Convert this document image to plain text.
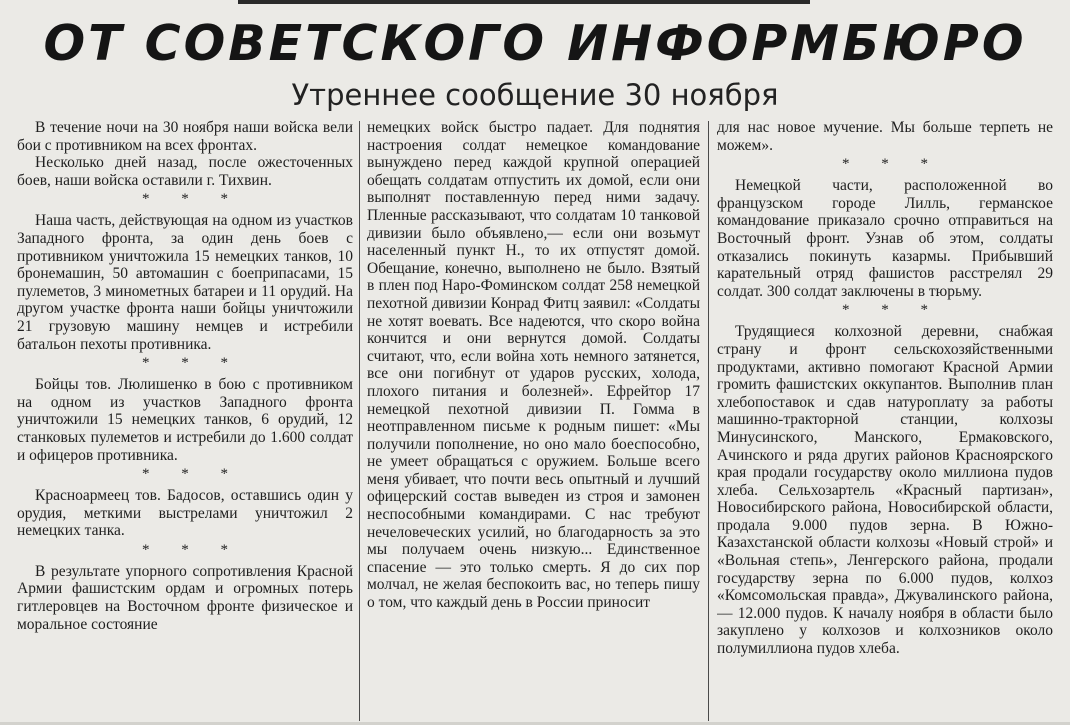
ОТ СОВЕТСКОГО ИНФОРМБЮРО
Утреннее сообщение 30 ноября

В течение ночи на 30 ноября наши войска вели бои с противником на всех фронтах.

Несколько дней назад, после ожесточенных боев, наши войска оставили г. Тихвин.

* * *

Наша часть, действующая на одном из участков Западного фронта, за один день боев с противником уничтожила 15 немецких танков, 10 бронемашин, 50 автомашин с боеприпасами, 15 пулеметов, 3 минометных батареи и 11 орудий. На другом участке фронта наши бойцы уничтожили 21 грузовую машину немцев и истребили батальон пехоты противника.

* * *

Бойцы тов. Люлишенко в бою с противником на одном из участков Западного фронта уничтожили 15 немецких танков, 6 орудий, 12 станковых пулеметов и истребили до 1.600 солдат и офицеров противника.

* * *

Красноармеец тов. Бадосов, оставшись один у орудия, меткими выстрелами уничтожил 2 немецких танка.

* * *

В результате упорного сопротивления Красной Армии фашистским ордам и огромных потерь гитлеровцев на Восточном фронте физическое и моральное состояние

немецких войск быстро падает. Для поднятия настроения солдат немецкое командование вынуждено перед каждой крупной операцией обещать солдатам отпустить их домой, если они выполнят поставленную перед ними задачу. Пленные рассказывают, что солдатам 10 танковой дивизии было объявлено,— если они возьмут населенный пункт Н., то их отпустят домой. Обещание, конечно, выполнено не было. Взятый в плен под Наро-Фоминском солдат 258 немецкой пехотной дивизии Конрад Фитц заявил: «Солдаты не хотят воевать. Все надеются, что скоро война кончится и они вернутся домой. Солдаты считают, что, если война хоть немного затянется, все они погибнут от ударов русских, холода, плохого питания и болезней». Ефрейтор 17 немецкой пехотной дивизии П. Гомма в неотправленном письме к родным пишет: «Мы получили пополнение, но оно мало боеспособно, не умеет обращаться с оружием. Больше всего меня убивает, что почти весь опытный и лучший офицерский состав выведен из строя и замонен неспособными командирами. С нас требуют нечеловеческих усилий, но благодарность за это мы получаем очень низкую... Единственное спасение — это только смерть. Я до сих пор молчал, не желая беспокоить вас, но теперь пишу о том, что каждый день в России приносит

для нас новое мучение. Мы больше терпеть не можем».

* * *

Немецкой части, расположенной во французском городе Лилль, германское командование приказало срочно отправиться на Восточный фронт. Узнав об этом, солдаты отказались покинуть казармы. Прибывший карательный отряд фашистов расстрелял 29 солдат. 300 солдат заключены в тюрьму.

* * *

Трудящиеся колхозной деревни, снабжая страну и фронт сельскохозяйственными продуктами, активно помогают Красной Армии громить фашистских оккупантов. Выполнив план хлебопоставок и сдав натуроплату за работы машинно-тракторной станции, колхозы Минусинского, Манского, Ермаковского, Ачинского и ряда других районов Красноярского края продали государству около миллиона пудов хлеба. Сельхозартель «Красный партизан», Новосибирского района, Новосибирской области, продала 9.000 пудов зерна. В Южно-Казахстанской области колхозы «Новый строй» и «Вольная степь», Ленгерского района, продали государству зерна по 6.000 пудов, колхоз «Комсомольская правда», Джувалинского района,— 12.000 пудов. К началу ноября в области было закуплено у колхозов и колхозников около полумиллиона пудов хлеба.
